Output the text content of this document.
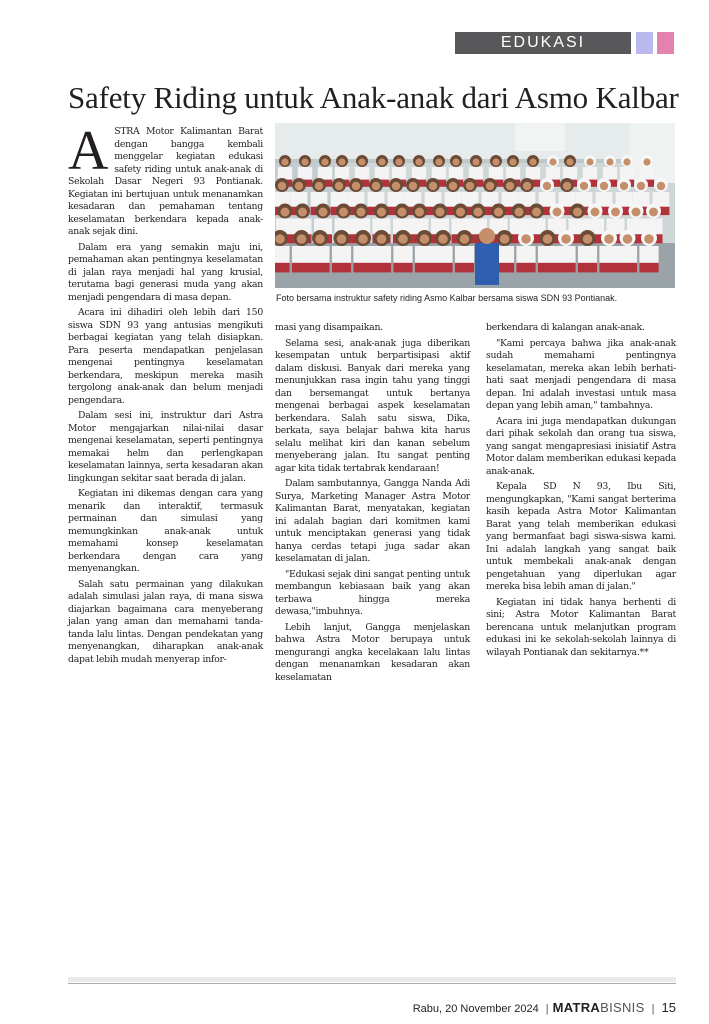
EDUKASI
Safety Riding untuk Anak-anak dari Asmo Kalbar
Foto bersama instruktur safety riding Asmo Kalbar bersama siswa SDN 93 Pontianak.
A STRA Motor Kalimantan Barat dengan bangga kembali menggelar kegiatan edukasi safety riding untuk anak-anak di Sekolah Dasar Negeri 93 Pontianak. Kegiatan ini bertujuan untuk menanamkan kesadaran dan pemahaman tentang keselamatan berkendara kepada anak-anak sejak dini.

Dalam era yang semakin maju ini, pemahaman akan pentingnya keselamatan di jalan raya menjadi hal yang krusial, terutama bagi generasi muda yang akan menjadi pengendara di masa depan.

Acara ini dihadiri oleh lebih dari 150 siswa SDN 93 yang antusias mengikuti berbagai kegiatan yang telah disiapkan. Para peserta mendapatkan penjelasan mengenai pentingnya keselamatan berkendara, meskipun mereka masih tergolong anak-anak dan belum menjadi pengendara.

Dalam sesi ini, instruktur dari Astra Motor mengajarkan nilai-nilai dasar mengenai keselamatan, seperti pentingnya memakai helm dan perlengkapan keselamatan lainnya, serta kesadaran akan lingkungan sekitar saat berada di jalan.

Kegiatan ini dikemas dengan cara yang menarik dan interaktif, termasuk permainan dan simulasi yang memungkinkan anak-anak untuk memahami konsep keselamatan berkendara dengan cara yang menyenangkan.

Salah satu permainan yang dilakukan adalah simulasi jalan raya, di mana siswa diajarkan bagaimana cara menyeberang jalan yang aman dan memahami tanda-tanda lalu lintas. Dengan pendekatan yang menyenangkan, diharapkan anak-anak dapat lebih mudah menyerap infor-

masi yang disampaikan.

Selama sesi, anak-anak juga diberikan kesempatan untuk berpartisipasi aktif dalam diskusi. Banyak dari mereka yang menunjukkan rasa ingin tahu yang tinggi dan bersemangat untuk bertanya mengenai berbagai aspek keselamatan berkendara. Salah satu siswa, Dika, berkata, saya belajar bahwa kita harus selalu melihat kiri dan kanan sebelum menyeberang jalan. Itu sangat penting agar kita tidak tertabrak kendaraan!

Dalam sambutannya, Gangga Nanda Adi Surya, Marketing Manager Astra Motor Kalimantan Barat, menyatakan, kegiatan ini adalah bagian dari komitmen kami untuk menciptakan generasi yang tidak hanya cerdas tetapi juga sadar akan keselamatan di jalan.

"Edukasi sejak dini sangat penting untuk membangun kebiasaan baik yang akan terbawa hingga mereka dewasa,"imbuhnya.

Lebih lanjut, Gangga menjelaskan bahwa Astra Motor berupaya untuk mengurangi angka kecelakaan lalu lintas dengan menanamkan kesadaran akan keselamatan

berkendara di kalangan anak-anak.

"Kami percaya bahwa jika anak-anak sudah memahami pentingnya keselamatan, mereka akan lebih berhati-hati saat menjadi pengendara di masa depan. Ini adalah investasi untuk masa depan yang lebih aman," tambahnya.

Acara ini juga mendapatkan dukungan dari pihak sekolah dan orang tua siswa, yang sangat mengapresiasi inisiatif Astra Motor dalam memberikan edukasi kepada anak-anak.

Kepala SD N 93, Ibu Siti, mengungkapkan, "Kami sangat berterima kasih kepada Astra Motor Kalimantan Barat yang telah memberikan edukasi yang bermanfaat bagi siswa-siswa kami. Ini adalah langkah yang sangat baik untuk membekali anak-anak dengan pengetahuan yang diperlukan agar mereka bisa lebih aman di jalan."

Kegiatan ini tidak hanya berhenti di sini; Astra Motor Kalimantan Barat berencana untuk melanjutkan program edukasi ini ke sekolah-sekolah lainnya di wilayah Pontianak dan sekitarnya.**

Rabu, 20 November 2024 | MATRABISNIS | 15
